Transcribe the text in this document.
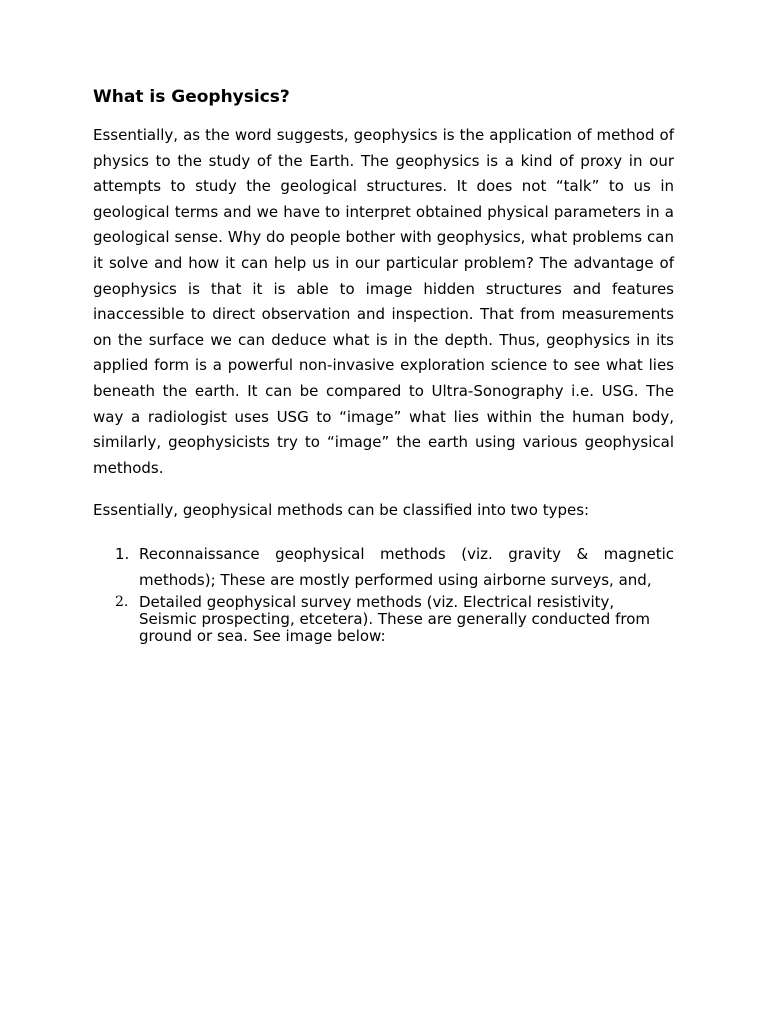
What is Geophysics?

Essentially, as the word suggests, geophysics is the application of method of physics to the study of the Earth. The geophysics is a kind of proxy in our attempts to study the geological structures. It does not “talk” to us in geological terms and we have to interpret obtained physical parameters in a geological sense. Why do people bother with geophysics, what problems can it solve and how it can help us in our particular problem? The advantage of geophysics is that it is able to image hidden structures and features inaccessible to direct observation and inspection. That from measurements on the surface we can deduce what is in the depth. Thus, geophysics in its applied form is a powerful non-invasive exploration science to see what lies beneath the earth. It can be compared to Ultra-Sonography i.e. USG. The way a radiologist uses USG to “image” what lies within the human body, similarly, geophysicists try to “image” the earth using various geophysical methods.

Essentially, geophysical methods can be classified into two types:

1. Reconnaissance geophysical methods (viz. gravity & magnetic methods); These are mostly performed using airborne surveys, and,
2. Detailed geophysical survey methods (viz. Electrical resistivity, Seismic prospecting, etcetera). These are generally conducted from ground or sea. See image below:
